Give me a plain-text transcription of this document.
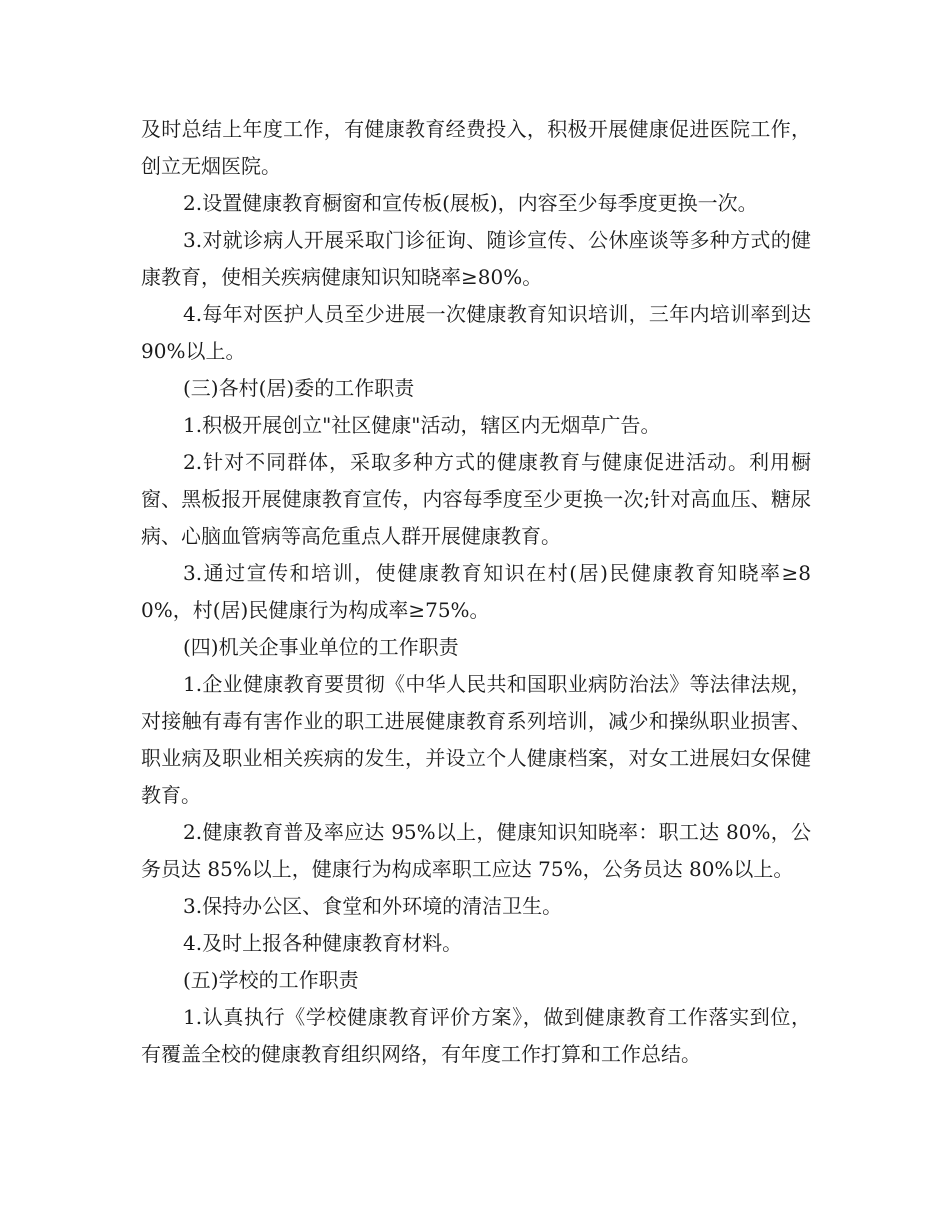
及时总结上年度工作，有健康教育经费投入，积极开展健康促进医院工作，创立无烟医院。

2.设置健康教育橱窗和宣传板(展板)，内容至少每季度更换一次。

3.对就诊病人开展采取门诊征询、随诊宣传、公休座谈等多种方式的健康教育，使相关疾病健康知识知晓率≥80%。

4.每年对医护人员至少进展一次健康教育知识培训，三年内培训率到达 90%以上。

(三)各村(居)委的工作职责

1.积极开展创立"社区健康"活动，辖区内无烟草广告。

2.针对不同群体，采取多种方式的健康教育与健康促进活动。利用橱窗、黑板报开展健康教育宣传，内容每季度至少更换一次;针对高血压、糖尿病、心脑血管病等高危重点人群开展健康教育。

3.通过宣传和培训，使健康教育知识在村(居)民健康教育知晓率≥80%，村(居)民健康行为构成率≥75%。

(四)机关企事业单位的工作职责

1.企业健康教育要贯彻《中华人民共和国职业病防治法》等法律法规，对接触有毒有害作业的职工进展健康教育系列培训，减少和操纵职业损害、职业病及职业相关疾病的发生，并设立个人健康档案，对女工进展妇女保健教育。

2.健康教育普及率应达 95%以上，健康知识知晓率：职工达 80%，公务员达 85%以上，健康行为构成率职工应达 75%，公务员达 80%以上。

3.保持办公区、食堂和外环境的清洁卫生。

4.及时上报各种健康教育材料。

(五)学校的工作职责

1.认真执行《学校健康教育评价方案》，做到健康教育工作落实到位，有覆盖全校的健康教育组织网络，有年度工作打算和工作总结。
